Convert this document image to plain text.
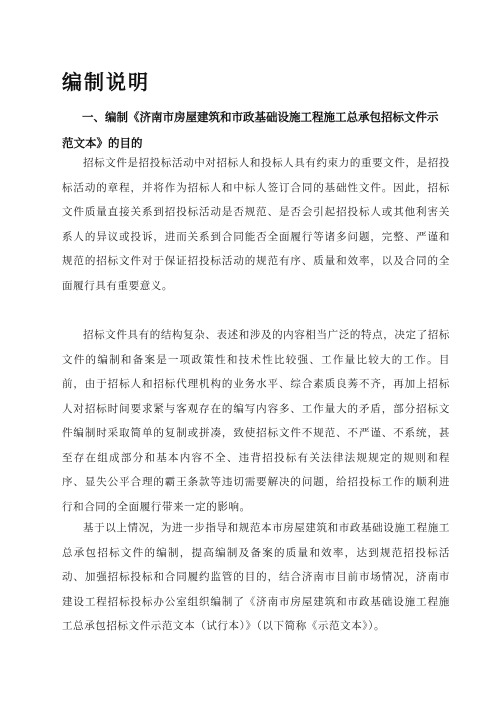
编制说明
一、编制《济南市房屋建筑和市政基础设施工程施工总承包招标文件示范文本》的目的

招标文件是招投标活动中对招标人和投标人具有约束力的重要文件，是招投标活动的章程，并将作为招标人和中标人签订合同的基础性文件。因此，招标文件质量直接关系到招投标活动是否规范、是否会引起招投标人或其他利害关系人的异议或投诉，进而关系到合同能否全面履行等诸多问题，完整、严谨和规范的招标文件对于保证招投标活动的规范有序、质量和效率，以及合同的全面履行具有重要意义。

招标文件具有的结构复杂、表述和涉及的内容相当广泛的特点，决定了招标文件的编制和备案是一项政策性和技术性比较强、工作量比较大的工作。目前，由于招标人和招标代理机构的业务水平、综合素质良莠不齐，再加上招标人对招标时间要求紧与客观存在的编写内容多、工作量大的矛盾，部分招标文件编制时采取简单的复制或拼凑，致使招标文件不规范、不严谨、不系统，甚至存在组成部分和基本内容不全、违背招投标有关法律法规规定的规则和程序、显失公平合理的霸王条款等违切需要解决的问题，给招投标工作的顺利进行和合同的全面履行带来一定的影响。

基于以上情况，为进一步指导和规范本市房屋建筑和市政基础设施工程施工总承包招标文件的编制，提高编制及备案的质量和效率，达到规范招投标活动、加强招标投标和合同履约监管的目的，结合济南市目前市场情况，济南市建设工程招标投标办公室组织编制了《济南市房屋建筑和市政基础设施工程施工总承包招标文件示范文本（试行本）》（以下简称《示范文本》）。
